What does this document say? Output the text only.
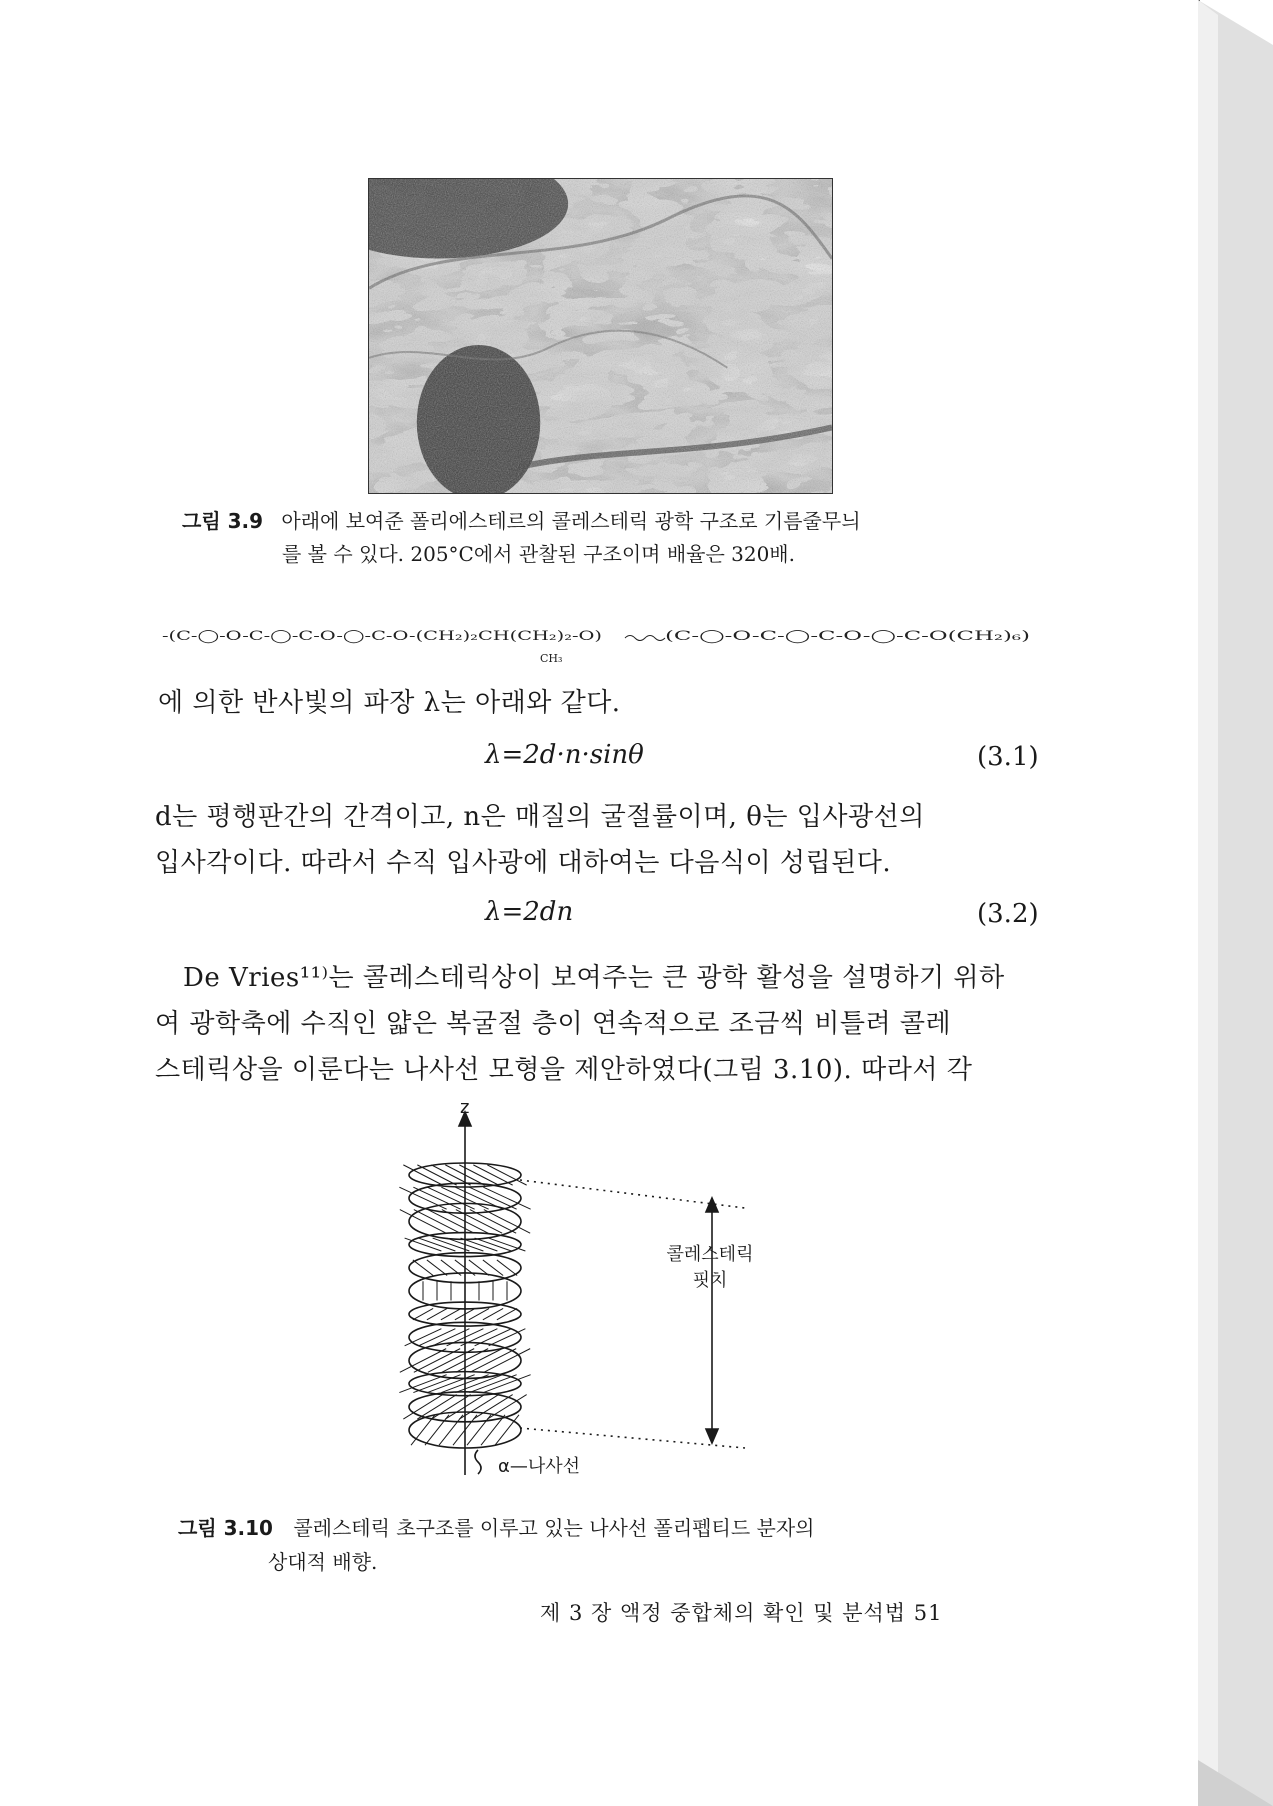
그림 3.9 아래에 보여준 폴리에스테르의 콜레스테릭 광학 구조로 기름줄무늬
를 볼 수 있다. 205°C에서 관찰된 구조이며 배율은 320배.
-(C-◯-O-C-◯-C-O-◯-C-O-(CH₂)₂CH(CH₂)₂-O)	(C-◯-O-C-◯-C-O-◯-C-O(CH₂)₆)
CH₃
에 의한 반사빛의 파장 λ는 아래와 같다.
λ=2d·n·sinθ	(3.1)
d는 평행판간의 간격이고, n은 매질의 굴절률이며, θ는 입사광선의
입사각이다. 따라서 수직 입사광에 대하여는 다음식이 성립된다.
λ=2dn	(3.2)
De Vries¹¹⁾는 콜레스테릭상이 보여주는 큰 광학 활성을 설명하기 위하
여 광학축에 수직인 얇은 복굴절 층이 연속적으로 조금씩 비틀려 콜레
스테릭상을 이룬다는 나사선 모형을 제안하였다(그림 3.10). 따라서 각
z
콜레스테릭
핏치
α—나사선
그림 3.10 콜레스테릭 초구조를 이루고 있는 나사선 폴리펩티드 분자의
상대적 배향.
제 3 장 액정 중합체의 확인 및 분석법 51
